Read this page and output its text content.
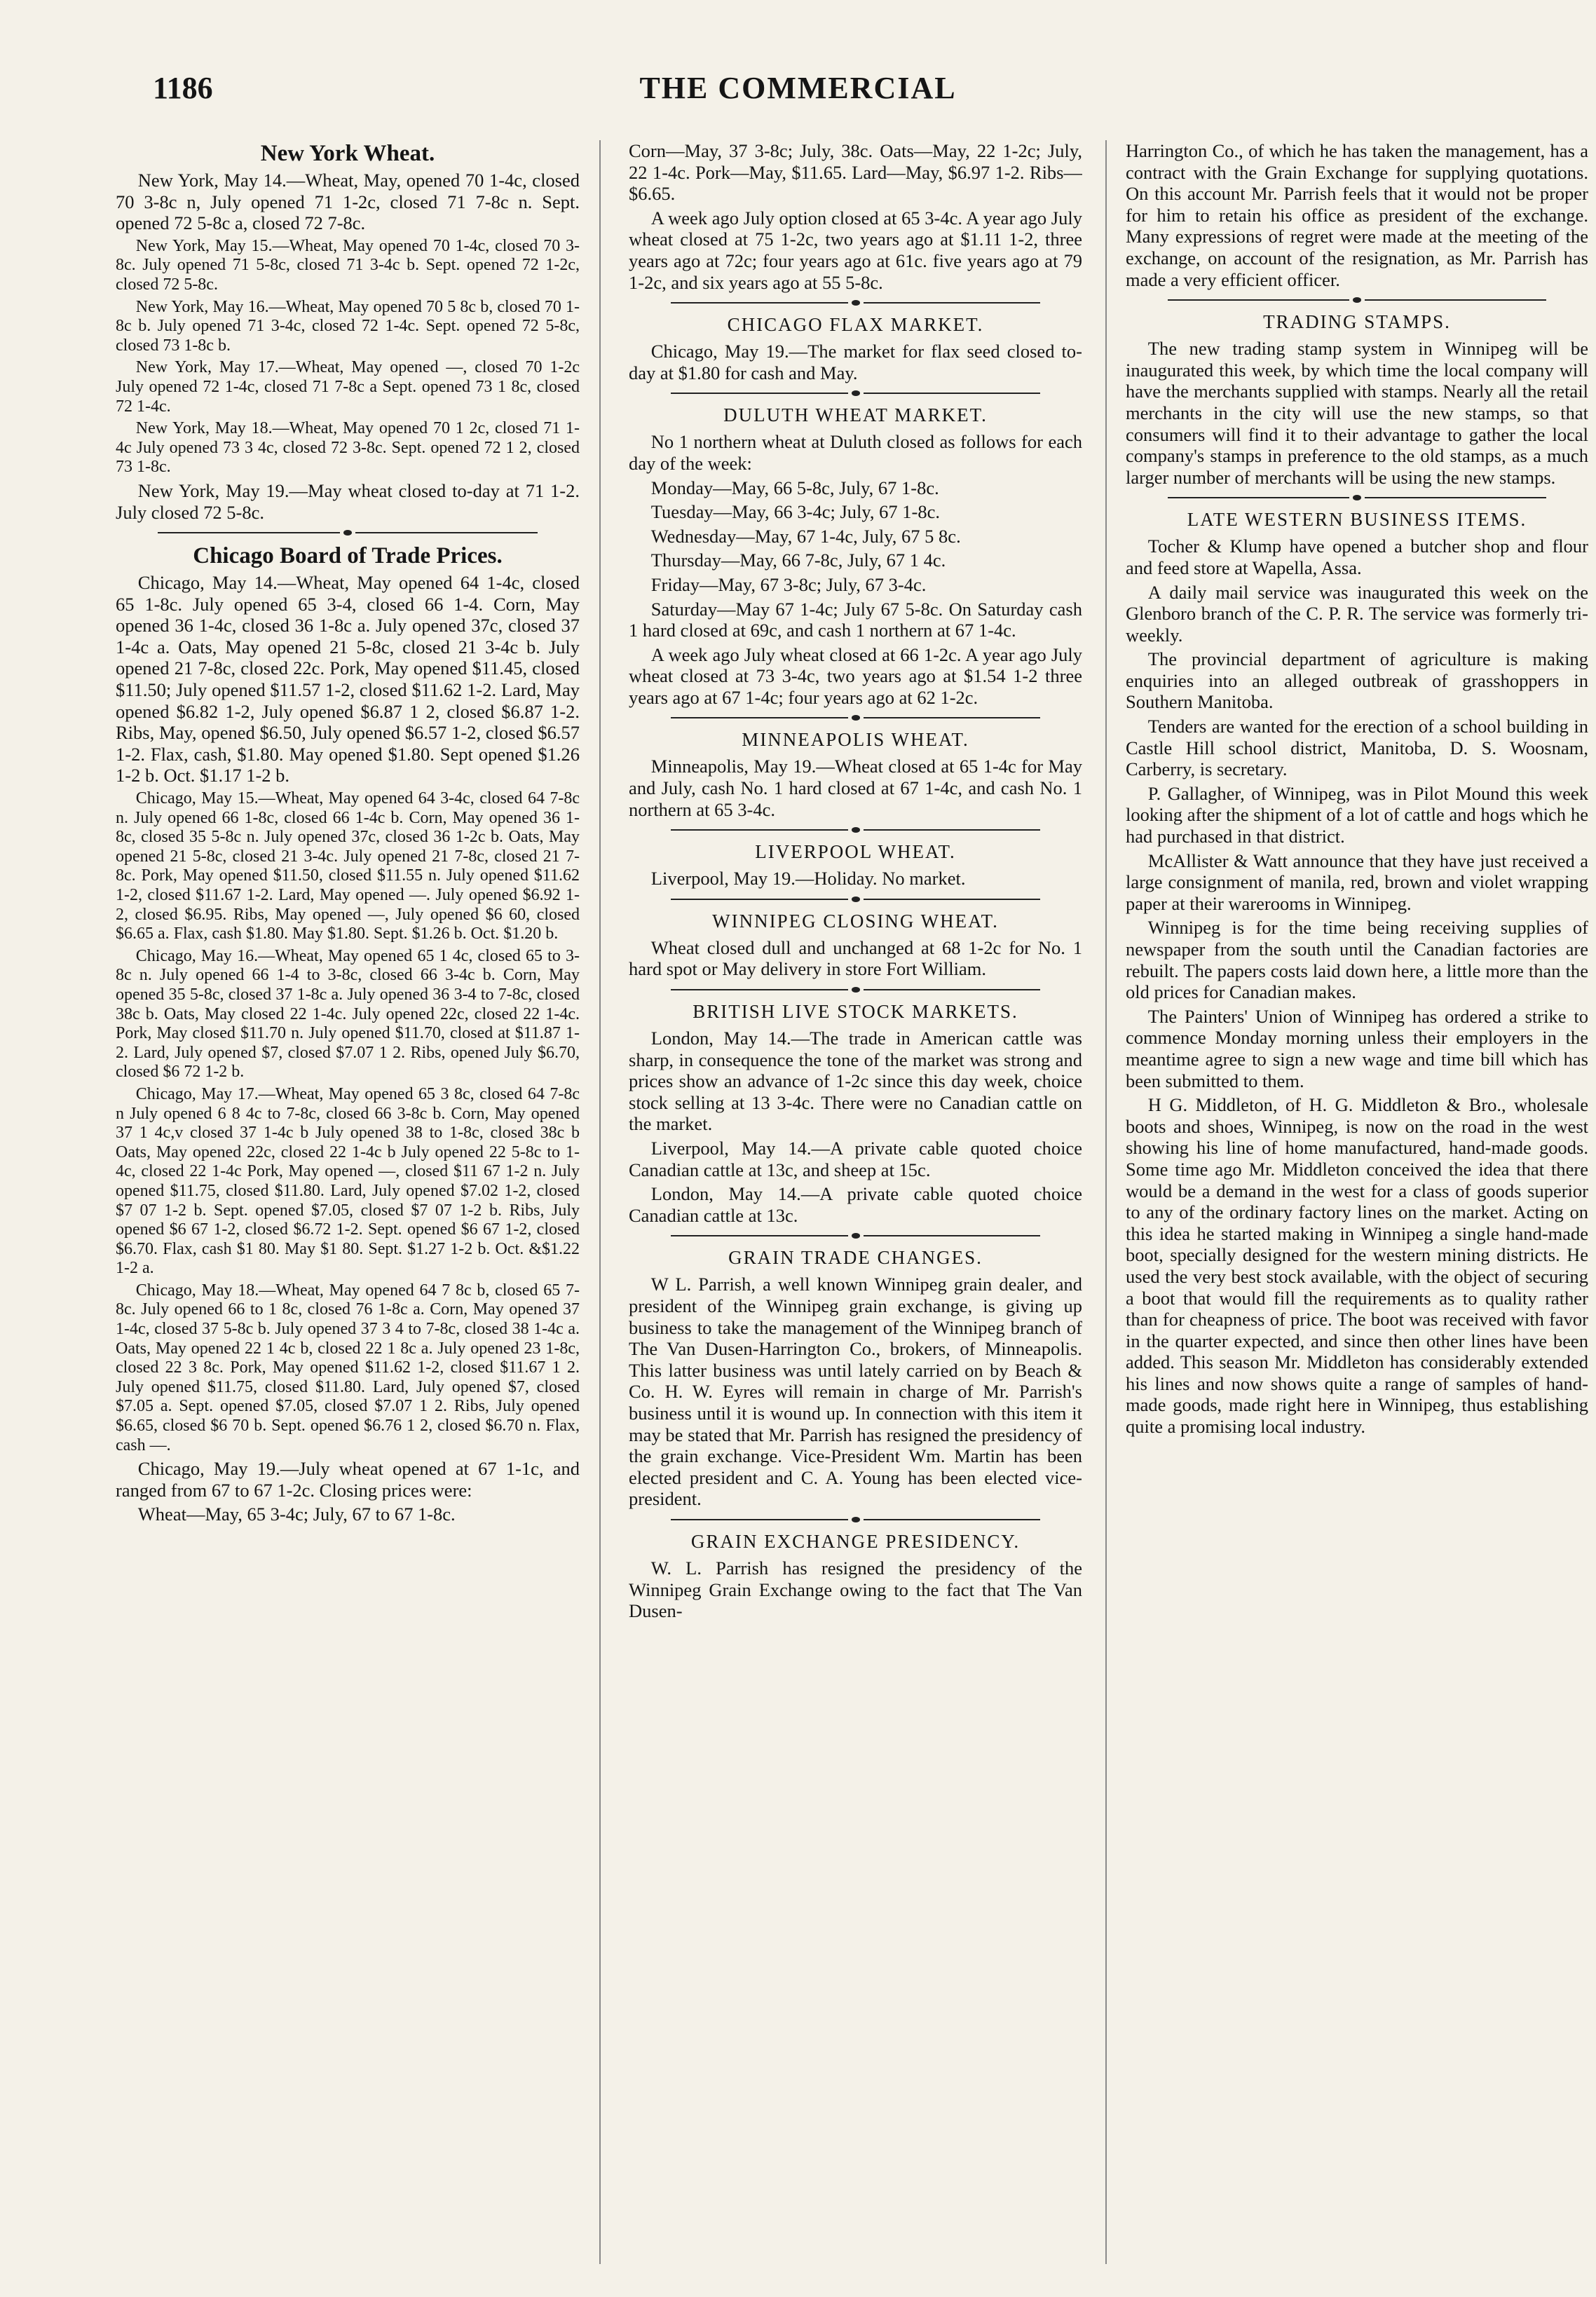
1186	THE COMMERCIAL
New York Wheat.

New York, May 14.—Wheat, May, opened 70 1-4c, closed 70 3-8c n, July opened 71 1-2c, closed 71 7-8c n. Sept. opened 72 5-8c a, closed 72 7-8c.

New York, May 15.—Wheat, May opened 70 1-4c, closed 70 3-8c. July opened 71 5-8c, closed 71 3-4c b. Sept. opened 72 1-2c, closed 72 5-8c.

New York, May 16.—Wheat, May opened 70 5 8c b, closed 70 1-8c b. July opened 71 3-4c, closed 72 1-4c. Sept. opened 72 5-8c, closed 73 1-8c b.

New York, May 17.—Wheat, May opened —, closed 70 1-2c July opened 72 1-4c, closed 71 7-8c a Sept. opened 73 1 8c, closed 72 1-4c.

New York, May 18.—Wheat, May opened 70 1 2c, closed 71 1-4c July opened 73 3 4c, closed 72 3-8c. Sept. opened 72 1 2, closed 73 1-8c.

New York, May 19.—May wheat closed to-day at 71 1-2. July closed 72 5-8c.

Chicago Board of Trade Prices.

Chicago, May 14.—Wheat, May opened 64 1-4c, closed 65 1-8c. July opened 65 3-4, closed 66 1-4. Corn, May opened 36 1-4c, closed 36 1-8c a. July opened 37c, closed 37 1-4c a. Oats, May opened 21 5-8c, closed 21 3-4c b. July opened 21 7-8c, closed 22c. Pork, May opened $11.45, closed $11.50; July opened $11.57 1-2, closed $11.62 1-2. Lard, May opened $6.82 1-2, July opened $6.87 1 2, closed $6.87 1-2. Ribs, May, opened $6.50, July opened $6.57 1-2, closed $6.57 1-2. Flax, cash, $1.80. May opened $1.80. Sept opened $1.26 1-2 b. Oct. $1.17 1-2 b.

Chicago, May 15.—Wheat, May opened 64 3-4c, closed 64 7-8c n. July opened 66 1-8c, closed 66 1-4c b. Corn, May opened 36 1-8c, closed 35 5-8c n. July opened 37c, closed 36 1-2c b. Oats, May opened 21 5-8c, closed 21 3-4c. July opened 21 7-8c, closed 21 7-8c. Pork, May opened $11.50, closed $11.55 n. July opened $11.62 1-2, closed $11.67 1-2. Lard, May opened —. July opened $6.92 1-2, closed $6.95. Ribs, May opened —, July opened $6 60, closed $6.65 a. Flax, cash $1.80. May $1.80. Sept. $1.26 b. Oct. $1.20 b.

Chicago, May 16.—Wheat, May opened 65 1 4c, closed 65 to 3-8c n. July opened 66 1-4 to 3-8c, closed 66 3-4c b. Corn, May opened 35 5-8c, closed 37 1-8c a. July opened 36 3-4 to 7-8c, closed 38c b. Oats, May closed 22 1-4c. July opened 22c, closed 22 1-4c. Pork, May closed $11.70 n. July opened $11.70, closed at $11.87 1-2. Lard, July opened $7, closed $7.07 1 2. Ribs, opened July $6.70, closed $6 72 1-2 b.

Chicago, May 17.—Wheat, May opened 65 3 8c, closed 64 7-8c n July opened 6 8 4c to 7-8c, closed 66 3-8c b. Corn, May opened 37 1 4c,v closed 37 1-4c b July opened 38 to 1-8c, closed 38c b Oats, May opened 22c, closed 22 1-4c b July opened 22 5-8c to 1-4c, closed 22 1-4c Pork, May opened —, closed $11 67 1-2 n. July opened $11.75, closed $11.80. Lard, July opened $7.02 1-2, closed $7 07 1-2 b. Sept. opened $7.05, closed $7 07 1-2 b. Ribs, July opened $6 67 1-2, closed $6.72 1-2. Sept. opened $6 67 1-2, closed $6.70. Flax, cash $1 80. May $1 80. Sept. $1.27 1-2 b. Oct. &$1.22 1-2 a.

Chicago, May 18.—Wheat, May opened 64 7 8c b, closed 65 7-8c. July opened 66 to 1 8c, closed 76 1-8c a. Corn, May opened 37 1-4c, closed 37 5-8c b. July opened 37 3 4 to 7-8c, closed 38 1-4c a. Oats, May opened 22 1 4c b, closed 22 1 8c a. July opened 23 1-8c, closed 22 3 8c. Pork, May opened $11.62 1-2, closed $11.67 1 2. July opened $11.75, closed $11.80. Lard, July opened $7, closed $7.05 a. Sept. opened $7.05, closed $7.07 1 2. Ribs, July opened $6.65, closed $6 70 b. Sept. opened $6.76 1 2, closed $6.70 n. Flax, cash —.

Chicago, May 19.—July wheat opened at 67 1-1c, and ranged from 67 to 67 1-2c. Closing prices were:

Wheat—May, 65 3-4c; July, 67 to 67 1-8c.

Corn—May, 37 3-8c; July, 38c. Oats—May, 22 1-2c; July, 22 1-4c. Pork—May, $11.65. Lard—May, $6.97 1-2. Ribs—$6.65.

A week ago July option closed at 65 3-4c. A year ago July wheat closed at 75 1-2c, two years ago at $1.11 1-2, three years ago at 72c; four years ago at 61c. five years ago at 79 1-2c, and six years ago at 55 5-8c.

CHICAGO FLAX MARKET.

Chicago, May 19.—The market for flax seed closed to-day at $1.80 for cash and May.

DULUTH WHEAT MARKET.

No 1 northern wheat at Duluth closed as follows for each day of the week:

Monday—May, 66 5-8c, July, 67 1-8c.

Tuesday—May, 66 3-4c; July, 67 1-8c.

Wednesday—May, 67 1-4c, July, 67 5 8c.

Thursday—May, 66 7-8c, July, 67 1 4c.

Friday—May, 67 3-8c; July, 67 3-4c.

Saturday—May 67 1-4c; July 67 5-8c. On Saturday cash 1 hard closed at 69c, and cash 1 northern at 67 1-4c.

A week ago July wheat closed at 66 1-2c. A year ago July wheat closed at 73 3-4c, two years ago at $1.54 1-2 three years ago at 67 1-4c; four years ago at 62 1-2c.

MINNEAPOLIS WHEAT.

Minneapolis, May 19.—Wheat closed at 65 1-4c for May and July, cash No. 1 hard closed at 67 1-4c, and cash No. 1 northern at 65 3-4c.

LIVERPOOL WHEAT.

Liverpool, May 19.—Holiday. No market.

WINNIPEG CLOSING WHEAT.

Wheat closed dull and unchanged at 68 1-2c for No. 1 hard spot or May delivery in store Fort William.

BRITISH LIVE STOCK MARKETS.

London, May 14.—The trade in American cattle was sharp, in consequence the tone of the market was strong and prices show an advance of 1-2c since this day week, choice stock selling at 13 3-4c. There were no Canadian cattle on the market.

Liverpool, May 14.—A private cable quoted choice Canadian cattle at 13c, and sheep at 15c.

London, May 14.—A private cable quoted choice Canadian cattle at 13c.

GRAIN TRADE CHANGES.

W L. Parrish, a well known Winnipeg grain dealer, and president of the Winnipeg grain exchange, is giving up business to take the management of the Winnipeg branch of The Van Dusen-Harrington Co., brokers, of Minneapolis. This latter business was until lately carried on by Beach & Co. H. W. Eyres will remain in charge of Mr. Parrish's business until it is wound up. In connection with this item it may be stated that Mr. Parrish has resigned the presidency of the grain exchange. Vice-President Wm. Martin has been elected president and C. A. Young has been elected vice-president.

GRAIN EXCHANGE PRESIDENCY.

W. L. Parrish has resigned the presidency of the Winnipeg Grain Exchange owing to the fact that The Van Dusen-

Harrington Co., of which he has taken the management, has a contract with the Grain Exchange for supplying quotations. On this account Mr. Parrish feels that it would not be proper for him to retain his office as president of the exchange. Many expressions of regret were made at the meeting of the exchange, on account of the resignation, as Mr. Parrish has made a very efficient officer.

TRADING STAMPS.

The new trading stamp system in Winnipeg will be inaugurated this week, by which time the local company will have the merchants supplied with stamps. Nearly all the retail merchants in the city will use the new stamps, so that consumers will find it to their advantage to gather the local company's stamps in preference to the old stamps, as a much larger number of merchants will be using the new stamps.

LATE WESTERN BUSINESS ITEMS.

Tocher & Klump have opened a butcher shop and flour and feed store at Wapella, Assa.

A daily mail service was inaugurated this week on the Glenboro branch of the C. P. R. The service was formerly tri-weekly.

The provincial department of agriculture is making enquiries into an alleged outbreak of grasshoppers in Southern Manitoba.

Tenders are wanted for the erection of a school building in Castle Hill school district, Manitoba, D. S. Woosnam, Carberry, is secretary.

P. Gallagher, of Winnipeg, was in Pilot Mound this week looking after the shipment of a lot of cattle and hogs which he had purchased in that district.

McAllister & Watt announce that they have just received a large consignment of manila, red, brown and violet wrapping paper at their warerooms in Winnipeg.

Winnipeg is for the time being receiving supplies of newspaper from the south until the Canadian factories are rebuilt. The papers costs laid down here, a little more than the old prices for Canadian makes.

The Painters' Union of Winnipeg has ordered a strike to commence Monday morning unless their employers in the meantime agree to sign a new wage and time bill which has been submitted to them.

H G. Middleton, of H. G. Middleton & Bro., wholesale boots and shoes, Winnipeg, is now on the road in the west showing his line of home manufactured, hand-made goods. Some time ago Mr. Middleton conceived the idea that there would be a demand in the west for a class of goods superior to any of the ordinary factory lines on the market. Acting on this idea he started making in Winnipeg a single hand-made boot, specially designed for the western mining districts. He used the very best stock available, with the object of securing a boot that would fill the requirements as to quality rather than for cheapness of price. The boot was received with favor in the quarter expected, and since then other lines have been added. This season Mr. Middleton has considerably extended his lines and now shows quite a range of samples of hand-made goods, made right here in Winnipeg, thus establishing quite a promising local industry.
